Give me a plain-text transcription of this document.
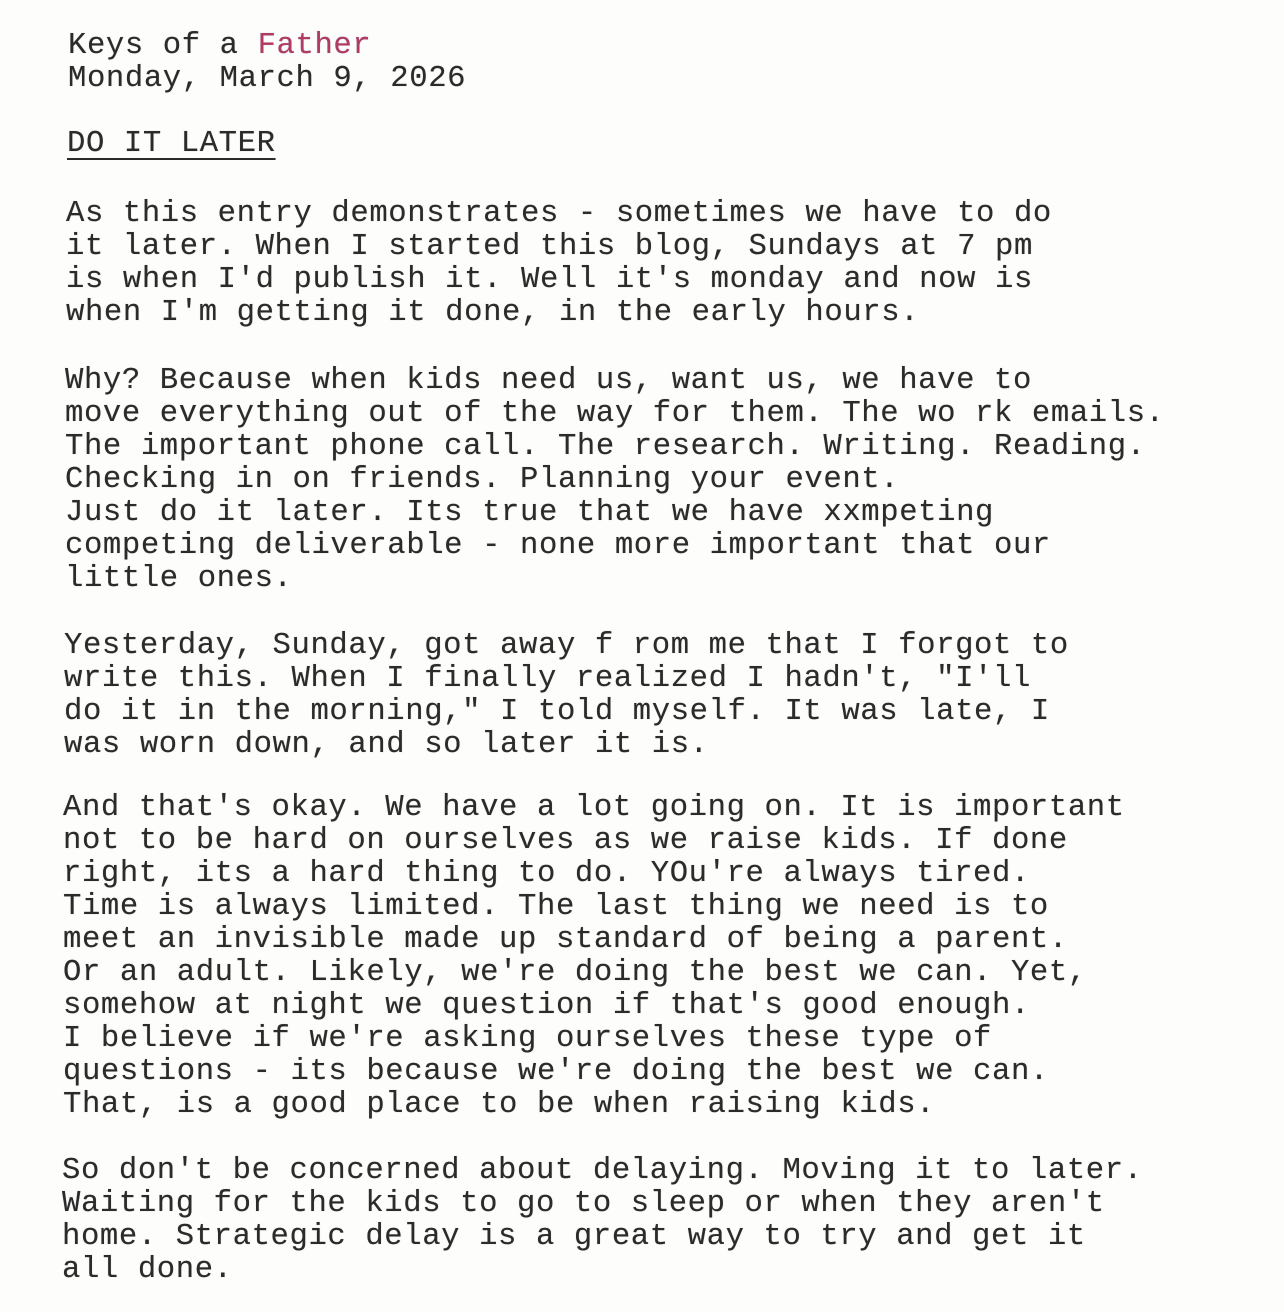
Keys of a Father
Monday, March 9, 2026
DO IT LATER
As this entry demonstrates - sometimes we have to do
it later. When I started this blog, Sundays at 7 pm
is when I'd publish it. Well it's monday and now is
when I'm getting it done, in the early hours.
Why? Because when kids need us, want us, we have to
move everything out of the way for them. The wo rk emails.
The important phone call. The research. Writing. Reading.
Checking in on friends. Planning your event.
Just do it later. Its true that we have xxmpeting
competing deliverable - none more important that our
little ones.
Yesterday, Sunday, got away f rom me that I forgot to
write this. When I finally realized I hadn't, "I'll
do it in the morning," I told myself. It was late, I
was worn down, and so later it is.
And that's okay. We have a lot going on. It is important
not to be hard on ourselves as we raise kids. If done
right, its a hard thing to do. YOu're always tired.
Time is always limited. The last thing we need is to
meet an invisible made up standard of being a parent.
Or an adult. Likely, we're doing the best we can. Yet,
somehow at night we question if that's good enough.
I believe if we're asking ourselves these type of
questions - its because we're doing the best we can.
That, is a good place to be when raising kids.
So don't be concerned about delaying. Moving it to later.
Waiting for the kids to go to sleep or when they aren't
home. Strategic delay is a great way to try and get it
all done.
